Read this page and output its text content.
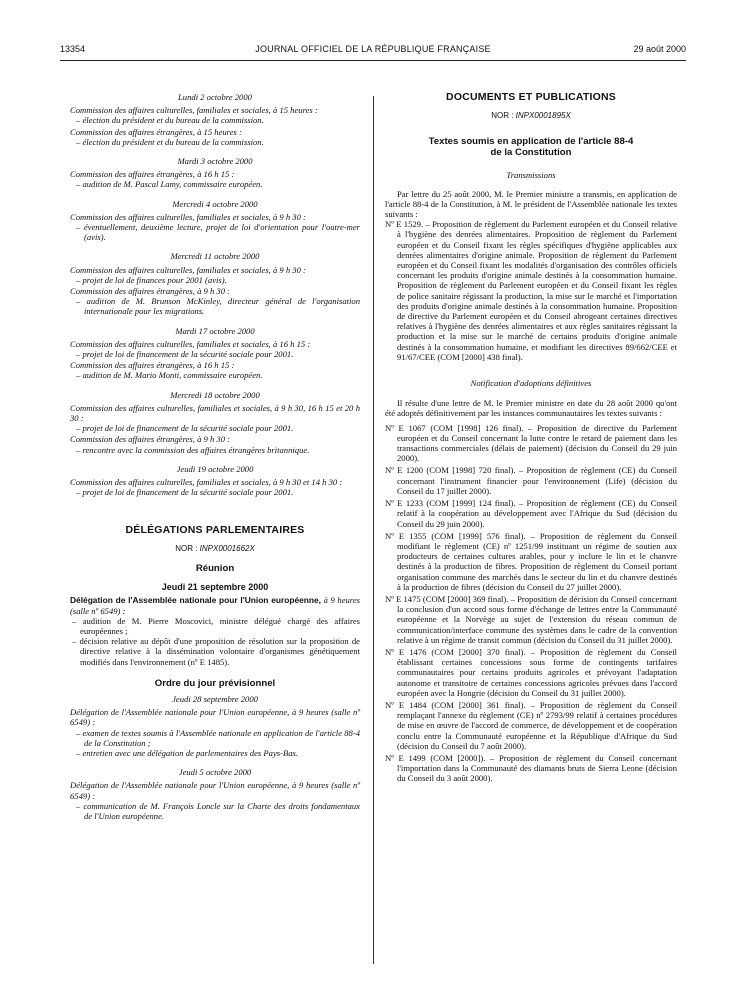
13354	JOURNAL OFFICIEL DE LA RÉPUBLIQUE FRANÇAISE	29 août 2000
Lundi 2 octobre 2000
Commission des affaires culturelles, familiales et sociales, à 15 heures :
– élection du président et du bureau de la commission.
Commission des affaires étrangères, à 15 heures :
– élection du président et du bureau de la commission.
Mardi 3 octobre 2000
Commission des affaires étrangères, à 16 h 15 :
– audition de M. Pascal Lamy, commissaire européen.
Mercredi 4 octobre 2000
Commission des affaires culturelles, familiales et sociales, à 9 h 30 :
– éventuellement, deuxième lecture, projet de loi d'orientation pour l'outre-mer (avis).
Mercredi 11 octobre 2000
Commission des affaires culturelles, familiales et sociales, à 9 h 30 :
– projet de loi de finances pour 2001 (avis).
Commission des affaires étrangères, à 9 h 30 :
– audition de M. Brunson McKinley, directeur général de l'organisation internationale pour les migrations.
Mardi 17 octobre 2000
Commission des affaires culturelles, familiales et sociales, à 16 h 15 :
– projet de loi de financement de la sécurité sociale pour 2001.
Commission des affaires étrangères, à 16 h 15 :
– audition de M. Mario Monti, commissaire européen.
Mercredi 18 octobre 2000
Commission des affaires culturelles, familiales et sociales, à 9 h 30, 16 h 15 et 20 h 30 :
– projet de loi de financement de la sécurité sociale pour 2001.
Commission des affaires étrangères, à 9 h 30 :
– rencontre avec la commission des affaires étrangères britannique.
Jeudi 19 octobre 2000
Commission des affaires culturelles, familiales et sociales, à 9 h 30 et 14 h 30 :
– projet de loi de financement de la sécurité sociale pour 2001.
DÉLÉGATIONS PARLEMENTAIRES
NOR : INPX0001662X
Réunion
Jeudi 21 septembre 2000
Délégation de l'Assemblée nationale pour l'Union européenne, à 9 heures (salle nº 6549) :
– audition de M. Pierre Moscovici, ministre délégué chargé des affaires européennes ;
– décision relative au dépôt d'une proposition de résolution sur la proposition de directive relative à la dissémination volontaire d'organismes génétiquement modifiés dans l'environnement (nº E 1485).
Ordre du jour prévisionnel
Jeudi 28 septembre 2000
Délégation de l'Assemblée nationale pour l'Union européenne, à 9 heures (salle nº 6549) :
– examen de textes soumis à l'Assemblée nationale en application de l'article 88-4 de la Constitution ;
– entretien avec une délégation de parlementaires des Pays-Bas.
Jeudi 5 octobre 2000
Délégation de l'Assemblée nationale pour l'Union européenne, à 9 heures (salle nº 6549) :
– communication de M. François Loncle sur la Charte des droits fondamentaux de l'Union européenne.
DOCUMENTS ET PUBLICATIONS
NOR : INPX0001895X
Textes soumis en application de l'article 88-4
de la Constitution
Transmissions
Par lettre du 25 août 2000, M. le Premier ministre a transmis, en application de l'article 88-4 de la Constitution, à M. le président de l'Assemblée nationale les textes suivants :
Nº E 1529. – Proposition de règlement du Parlement européen et du Conseil relative à l'hygiène des denrées alimentaires. Proposition de règlement du Parlement européen et du Conseil fixant les règles spécifiques d'hygiène applicables aux denrées alimentaires d'origine animale. Proposition de règlement du Parlement européen et du Conseil fixant les modalités d'organisation des contrôles officiels concernant les produits d'origine animale destinés à la consommation humaine. Proposition de règlement du Parlement européen et du Conseil fixant les règles de police sanitaire régissant la production, la mise sur le marché et l'importation des produits d'origine animale destinés à la consommation humaine. Proposition de directive du Parlement européen et du Conseil abrogeant certaines directives relatives à l'hygiène des denrées alimentaires et aux règles sanitaires régissant la production et la mise sur le marché de certains produits d'origine animale destinés à la consommation humaine, et modifiant les directives 89/662/CEE et 91/67/CEE (COM [2000] 438 final).
Notification d'adoptions définitives
Il résulte d'une lettre de M. le Premier ministre en date du 28 août 2000 qu'ont été adoptés définitivement par les instances communautaires les textes suivants :
Nº E 1067 (COM [1998] 126 final). – Proposition de directive du Parlement européen et du Conseil concernant la lutte contre le retard de paiement dans les transactions commerciales (délais de paiement) (décision du Conseil du 29 juin 2000).
Nº E 1200 (COM [1998] 720 final). – Proposition de règlement (CE) du Conseil concernant l'instrument financier pour l'environnement (Life) (décision du Conseil du 17 juillet 2000).
Nº E 1233 (COM [1999] 124 final). – Proposition de règlement (CE) du Conseil relatif à la coopération au développement avec l'Afrique du Sud (décision du Conseil du 29 juin 2000).
Nº E 1355 (COM [1999] 576 final). – Proposition de règlement du Conseil modifiant le règlement (CE) nº 1251/99 instituant un régime de soutien aux producteurs de certaines cultures arables, pour y inclure le lin et le chanvre destinés à la production de fibres. Proposition de règlement du Conseil portant organisation commune des marchés dans le secteur du lin et du chanvre destinés à la production de fibres (décision du Conseil du 27 juillet 2000).
Nº E 1475 (COM [2000] 369 final). – Proposition de décision du Conseil concernant la conclusion d'un accord sous forme d'échange de lettres entre la Communauté européenne et la Norvège au sujet de l'extension du réseau commun de communication/interface commune des systèmes dans le cadre de la convention relative à un régime de transit commun (décision du Conseil du 31 juillet 2000).
Nº E 1476 (COM [2000] 370 final). – Proposition de règlement du Conseil établissant certaines concessions sous forme de contingents tarifaires communautaires pour certains produits agricoles et prévoyant l'adaptation autonome et transitoire de certaines concessions agricoles prévues dans l'accord européen avec la Hongrie (décision du Conseil du 31 juillet 2000).
Nº E 1484 (COM [2000] 361 final). – Proposition de règlement du Conseil remplaçant l'annexe du règlement (CE) nº 2793/99 relatif à certaines procédures de mise en œuvre de l'accord de commerce, de développement et de coopération conclu entre la Communauté européenne et la République d'Afrique du Sud (décision du Conseil du 7 août 2000).
Nº E 1499 (COM [2000]). – Proposition de règlement du Conseil concernant l'importation dans la Communauté des diamants bruts de Sierra Leone (décision du Conseil du 3 août 2000).
